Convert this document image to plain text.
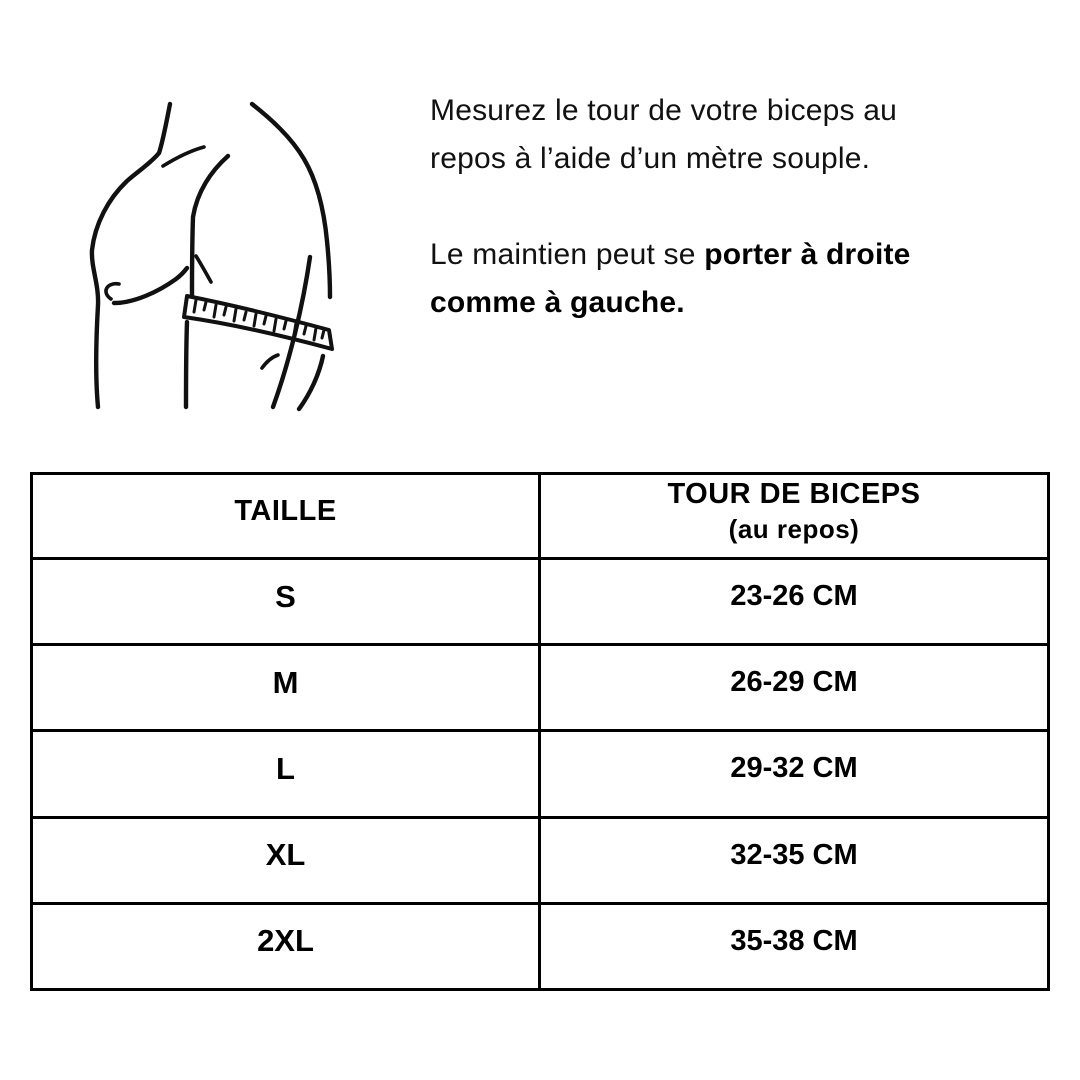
Mesurez le tour de votre biceps au repos à l’aide d’un mètre souple.

Le maintien peut se porter à droite comme à gauche.

TAILLE	TOUR DE BICEPS
(au repos)

S	23-26 CM
M	26-29 CM
L	29-32 CM
XL	32-35 CM
2XL	35-38 CM
